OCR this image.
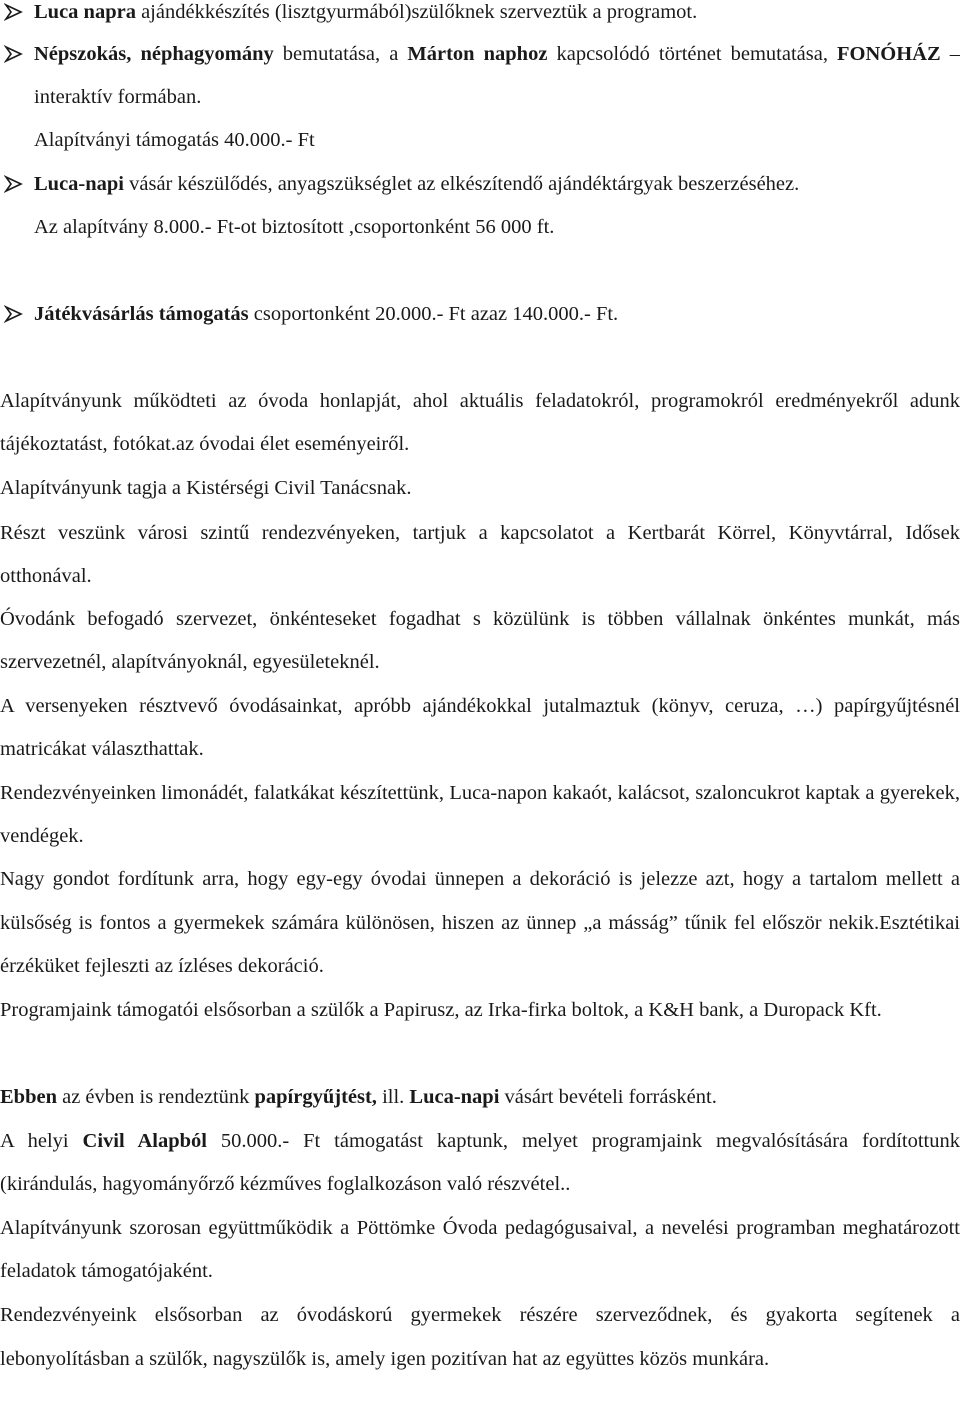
Luca napra ajándékkészítés (lisztgyurmából)szülőknek szerveztük a programot.

Népszokás, néphagyomány bemutatása, a Márton naphoz kapcsolódó történet bemutatása, FONÓHÁZ – interaktív formában.

Alapítványi támogatás 40.000.- Ft

Luca-napi vásár készülődés, anyagszükséglet az elkészítendő ajándéktárgyak beszerzéséhez.

Az alapítvány 8.000.- Ft-ot biztosított ,csoportonként 56 000 ft.

Játékvásárlás támogatás csoportonként 20.000.- Ft azaz 140.000.- Ft.

Alapítványunk működteti az óvoda honlapját, ahol aktuális feladatokról, programokról eredményekről adunk tájékoztatást, fotókat.az óvodai élet eseményeiről.
Alapítványunk tagja a Kistérségi Civil Tanácsnak.
Részt veszünk városi szintű rendezvényeken, tartjuk a kapcsolatot a Kertbarát Körrel, Könyvtárral, Idősek otthonával.
Óvodánk befogadó szervezet, önkénteseket fogadhat s közülünk is többen vállalnak önkéntes munkát, más szervezetnél, alapítványoknál, egyesületeknél.
A versenyeken résztvevő óvodásainkat, apróbb ajándékokkal jutalmaztuk (könyv, ceruza, …) papírgyűjtésnél matricákat választhattak.
Rendezvényeinken limonádét, falatkákat készítettünk, Luca-napon kakaót, kalácsot, szaloncukrot kaptak a gyerekek, vendégek.
Nagy gondot fordítunk arra, hogy egy-egy óvodai ünnepen a dekoráció is jelezze azt, hogy a tartalom mellett a külsőség is fontos a gyermekek számára különösen, hiszen az ünnep „a másság” tűnik fel először nekik.Esztétikai érzéküket fejleszti az ízléses dekoráció.
Programjaink támogatói elsősorban a szülők a Papirusz, az Irka-firka boltok, a K&H bank, a Duropack Kft.
Ebben az évben is rendeztünk papírgyűjtést, ill. Luca-napi vásárt bevételi forrásként.
A helyi Civil Alapból 50.000.- Ft támogatást kaptunk, melyet programjaink megvalósítására fordítottunk (kirándulás, hagyományőrző kézműves foglalkozáson való részvétel..
Alapítványunk szorosan együttműködik a Pöttömke Óvoda pedagógusaival, a nevelési programban meghatározott feladatok támogatójaként.
Rendezvényeink elsősorban az óvodáskorú gyermekek részére szerveződnek, és gyakorta segítenek a lebonyolításban a szülők, nagyszülők is, amely igen pozitívan hat az együttes közös munkára.
